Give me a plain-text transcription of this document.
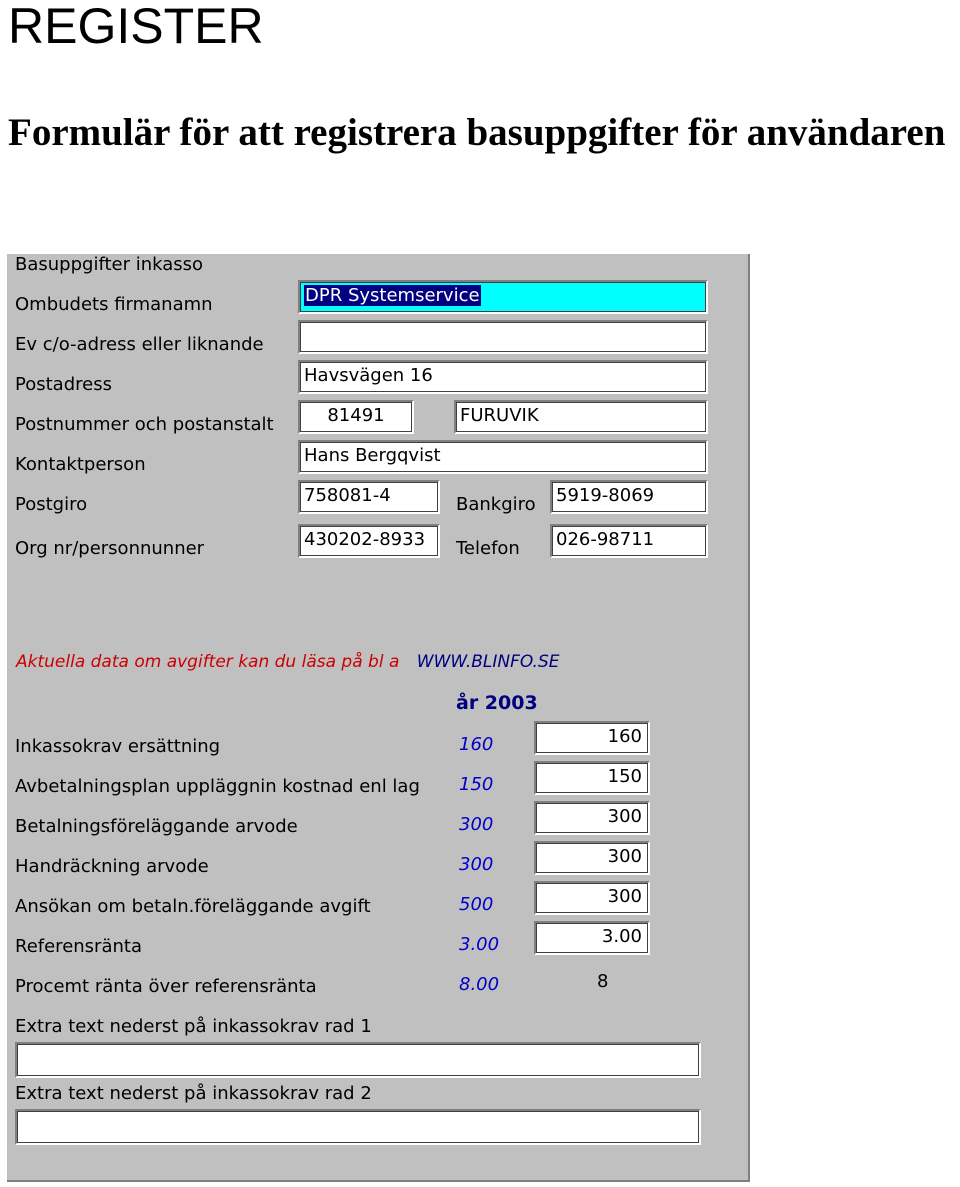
REGISTER
Formulär för att registrera basuppgifter för användaren
Basuppgifter inkasso
Ombudets firmanamn	DPR Systemservice
Ev c/o-adress eller liknande
Postadress	Havsvägen 16
Postnummer och postanstalt	81491	FURUVIK
Kontaktperson	Hans Bergqvist
Postgiro	758081-4	Bankgiro	5919-8069
Org nr/personnunner	430202-8933	Telefon	026-98711
Aktuella data om avgifter kan du läsa på bl a WWW.BLINFO.SE
år 2003
Inkassokrav ersättning	160	160
Avbetalningsplan uppläggnin kostnad enl lag 150	150
Betalningsföreläggande arvode	300	300
Handräckning arvode	300	300
Ansökan om betaln.föreläggande avgift	500	300
Referensränta	3.00	3.00
Procemt ränta över referensränta	8.00	8
Extra text nederst på inkassokrav rad 1
Extra text nederst på inkassokrav rad 2
